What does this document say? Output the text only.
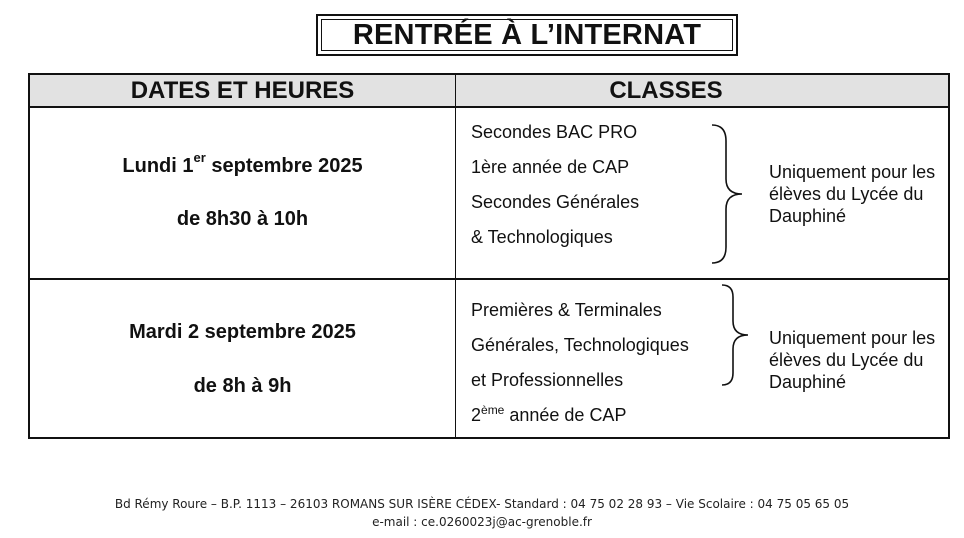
RENTRÉE À L’INTERNAT
DATES ET HEURES	CLASSES
Lundi 1er septembre 2025
de 8h30 à 10h
Secondes BAC PRO
1ère année de CAP
Secondes Générales
& Technologiques
Uniquement pour les élèves du Lycée du Dauphiné
Mardi 2 septembre 2025
de 8h à 9h
Premières & Terminales
Générales, Technologiques
et Professionnelles
2ème année de CAP
Uniquement pour les élèves du Lycée du Dauphiné
Bd Rémy Roure – B.P. 1113 – 26103 ROMANS SUR ISÈRE CÉDEX- Standard : 04 75 02 28 93 – Vie Scolaire : 04 75 05 65 05
e-mail : ce.0260023j@ac-grenoble.fr
